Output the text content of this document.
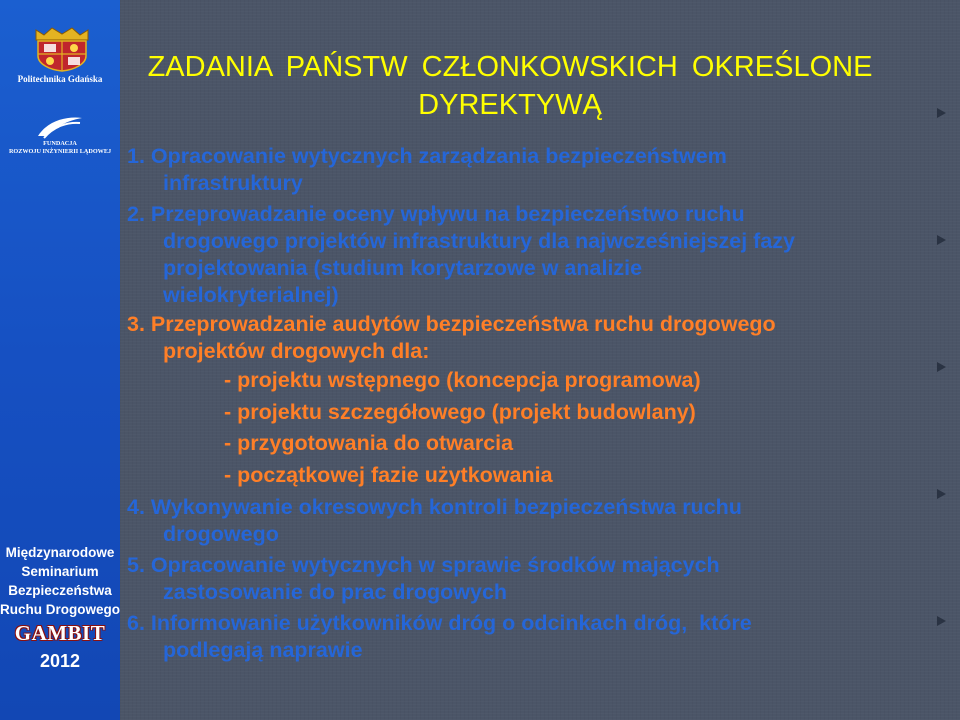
Politechnika Gdańska
FUNDACJA
ROZWOJU INŻYNIERII LĄDOWEJ
Międzynarodowe
Seminarium
Bezpieczeństwa
Ruchu Drogowego
GAMBIT
2012
ZADANIA PAŃSTW CZŁONKOWSKICH OKREŚLONE
DYREKTYWĄ
1. Opracowanie wytycznych zarządzania bezpieczeństwem
infrastruktury
2. Przeprowadzanie oceny wpływu na bezpieczeństwo ruchu
drogowego projektów infrastruktury dla najwcześniejszej fazy
projektowania (studium korytarzowe w analizie
wielokryterialnej)
3. Przeprowadzanie audytów bezpieczeństwa ruchu drogowego
projektów drogowych dla:
- projektu wstępnego (koncepcja programowa)
- projektu szczegółowego (projekt budowlany)
- przygotowania do otwarcia
- początkowej fazie użytkowania
4. Wykonywanie okresowych kontroli bezpieczeństwa ruchu
drogowego
5. Opracowanie wytycznych w sprawie środków mających
zastosowanie do prac drogowych
6. Informowanie użytkowników dróg o odcinkach dróg,  które
podlegają naprawie
